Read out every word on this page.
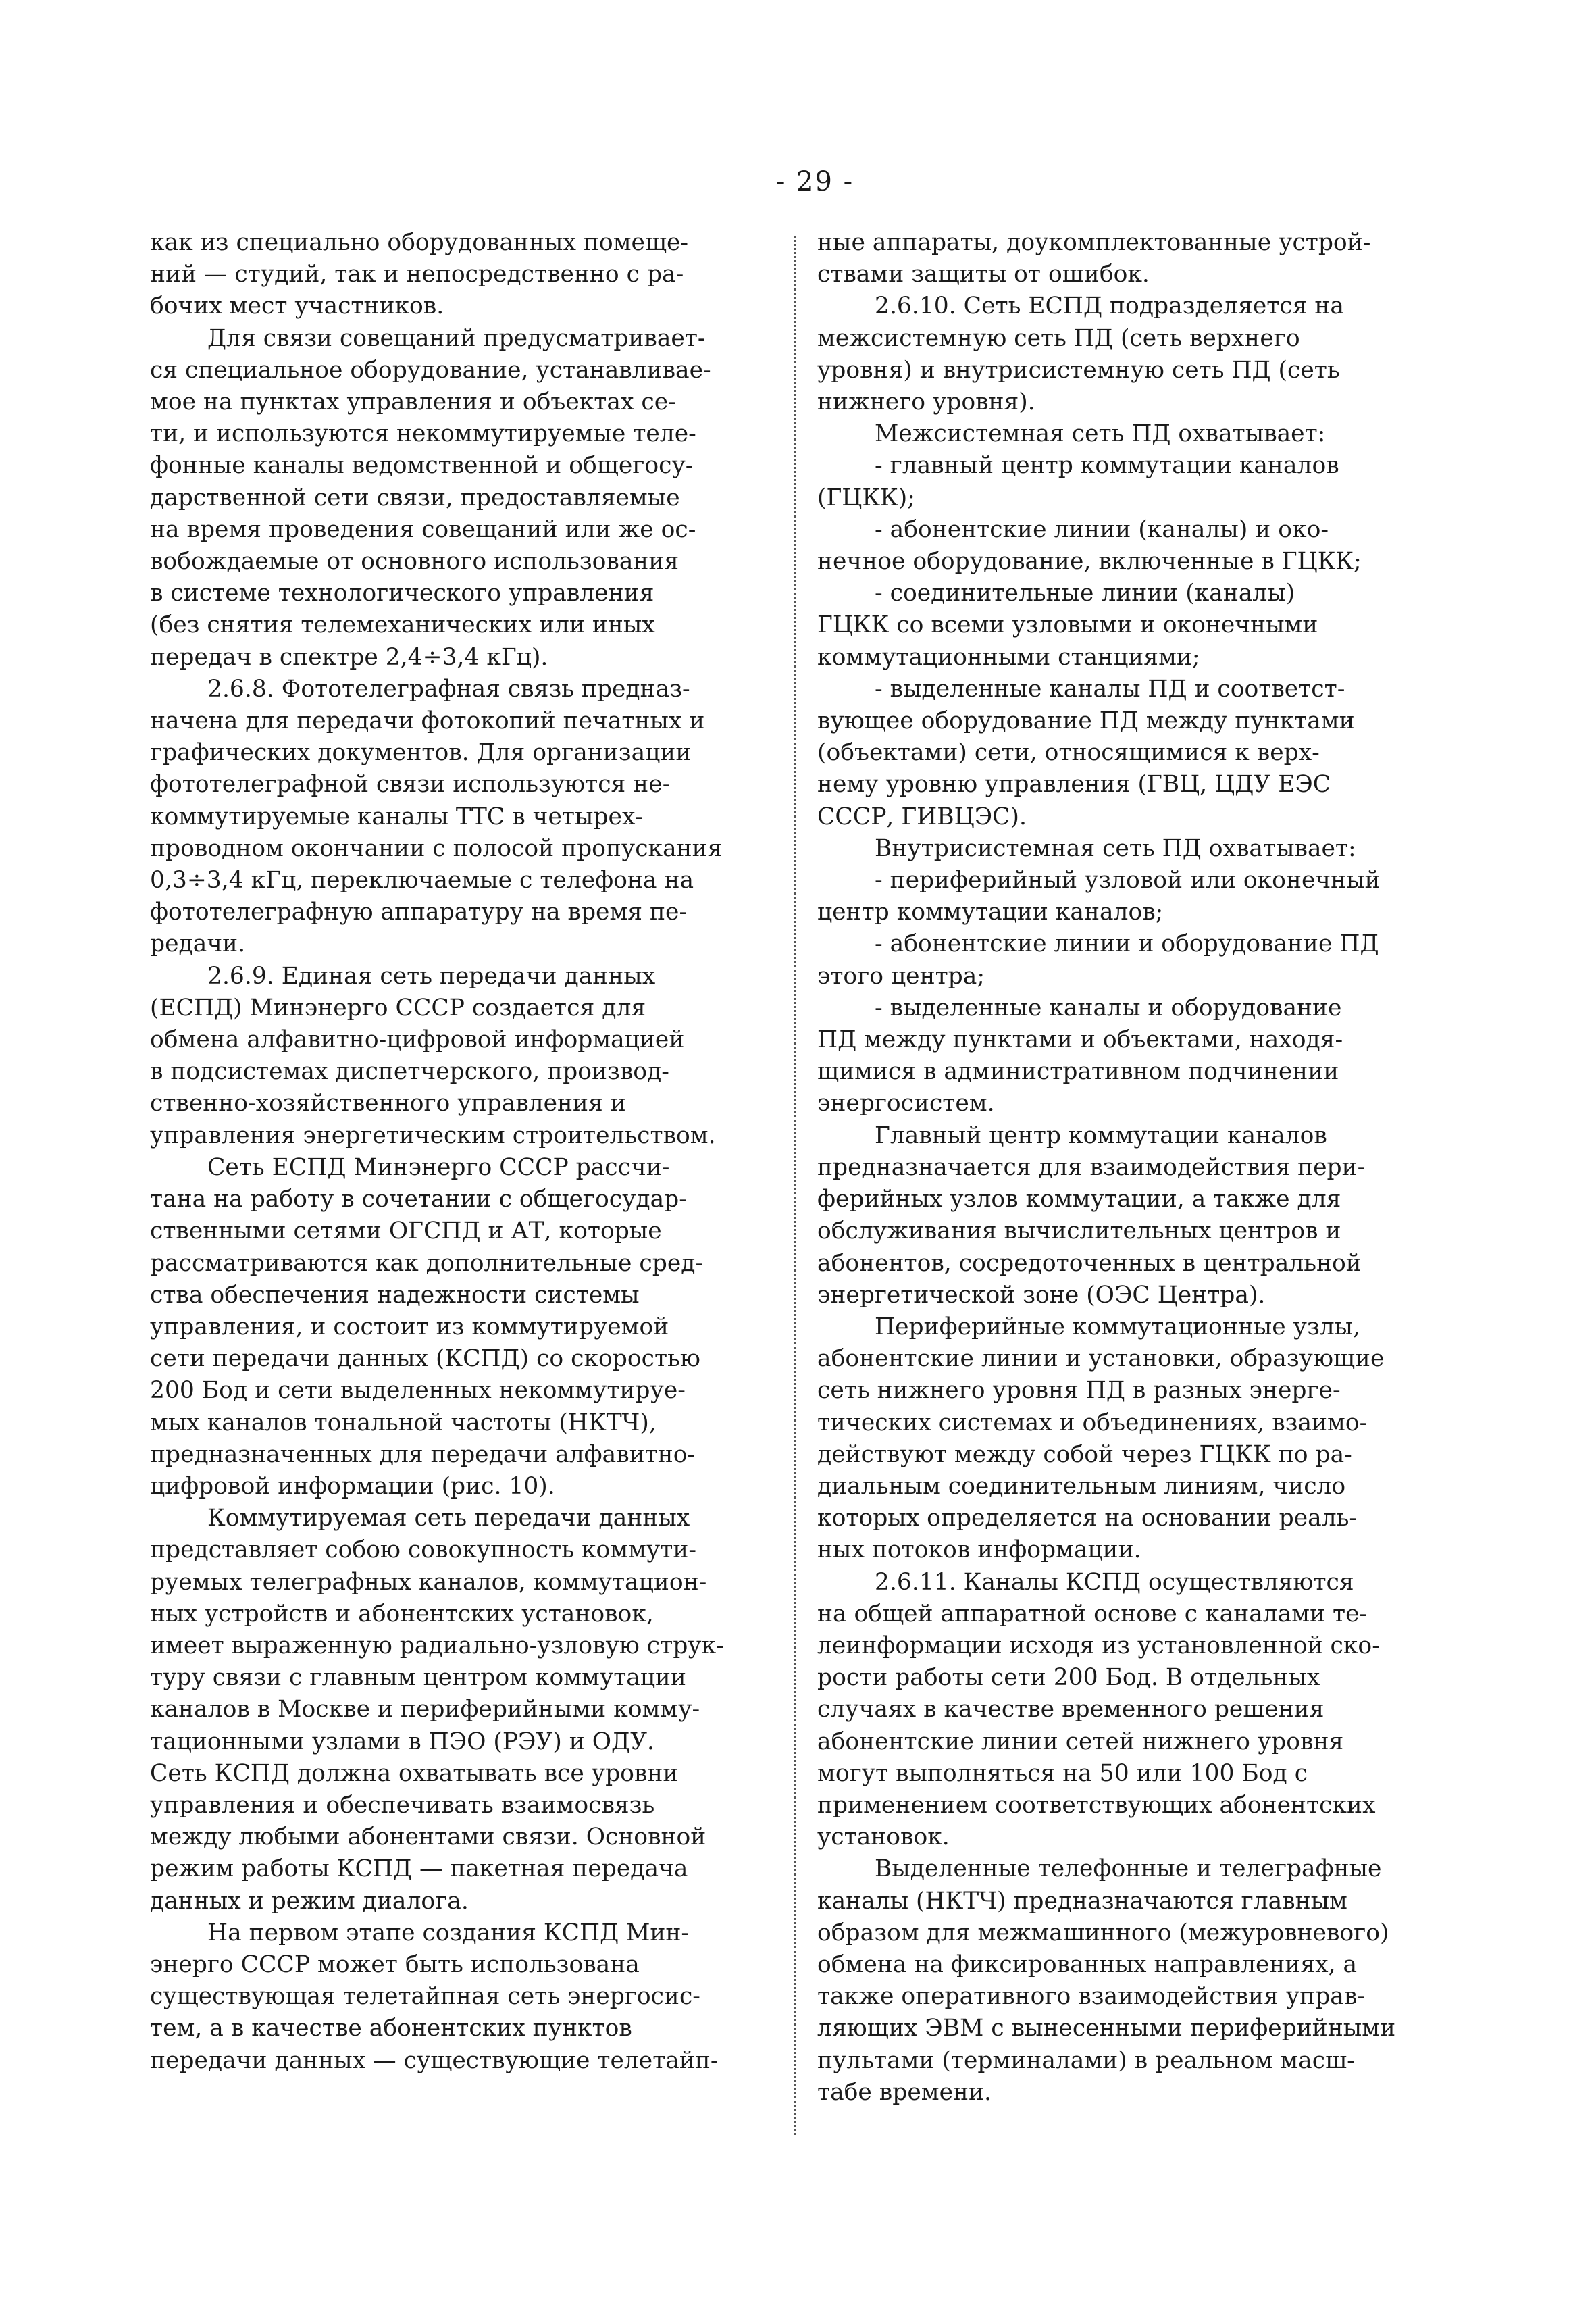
- 29 -
как из специально оборудованных помеще-
ний — студий, так и непосредственно с ра-
бочих мест участников.
Для связи совещаний предусматривает-
ся специальное оборудование, устанавливае-
мое на пунктах управления и объектах се-
ти, и используются некоммутируемые теле-
фонные каналы ведомственной и общегосу-
дарственной сети связи, предоставляемые
на время проведения совещаний или же ос-
вобождаемые от основного использования
в системе технологического управления
(без снятия телемеханических или иных
передач в спектре 2,4÷3,4 кГц).
2.6.8. Фототелеграфная связь предназ-
начена для передачи фотокопий печатных и
графических документов. Для организации
фототелеграфной связи используются не-
коммутируемые каналы ТТС в четырех-
проводном окончании с полосой пропускания
0,3÷3,4 кГц, переключаемые с телефона на
фототелеграфную аппаратуру на время пе-
редачи.
2.6.9. Единая сеть передачи данных
(ЕСПД) Минэнерго СССР создается для
обмена алфавитно-цифровой информацией
в подсистемах диспетчерского, производ-
ственно-хозяйственного управления и
управления энергетическим строительством.
Сеть ЕСПД Минэнерго СССР рассчи-
тана на работу в сочетании с общегосудар-
ственными сетями ОГСПД и АТ, которые
рассматриваются как дополнительные сред-
ства обеспечения надежности системы
управления, и состоит из коммутируемой
сети передачи данных (КСПД) со скоростью
200 Бод и сети выделенных некоммутируе-
мых каналов тональной частоты (НКТЧ),
предназначенных для передачи алфавитно-
цифровой информации (рис. 10).
Коммутируемая сеть передачи данных
представляет собою совокупность коммути-
руемых телеграфных каналов, коммутацион-
ных устройств и абонентских установок,
имеет выраженную радиально-узловую струк-
туру связи с главным центром коммутации
каналов в Москве и периферийными комму-
тационными узлами в ПЭО (РЭУ) и ОДУ.
Сеть КСПД должна охватывать все уровни
управления и обеспечивать взаимосвязь
между любыми абонентами связи. Основной
режим работы КСПД — пакетная передача
данных и режим диалога.
На первом этапе создания КСПД Мин-
энерго СССР может быть использована
существующая телетайпная сеть энергосис-
тем, а в качестве абонентских пунктов
передачи данных — существующие телетайп-
ные аппараты, доукомплектованные устрой-
ствами защиты от ошибок.
2.6.10. Сеть ЕСПД подразделяется на
межсистемную сеть ПД (сеть верхнего
уровня) и внутрисистемную сеть ПД (сеть
нижнего уровня).
Межсистемная сеть ПД охватывает:
- главный центр коммутации каналов
(ГЦКК);
- абонентские линии (каналы) и око-
нечное оборудование, включенные в ГЦКК;
- соединительные линии (каналы)
ГЦКК со всеми узловыми и оконечными
коммутационными станциями;
- выделенные каналы ПД и соответст-
вующее оборудование ПД между пунктами
(объектами) сети, относящимися к верх-
нему уровню управления (ГВЦ, ЦДУ ЕЭС
СССР, ГИВЦЭС).
Внутрисистемная сеть ПД охватывает:
- периферийный узловой или оконечный
центр коммутации каналов;
- абонентские линии и оборудование ПД
этого центра;
- выделенные каналы и оборудование
ПД между пунктами и объектами, находя-
щимися в административном подчинении
энергосистем.
Главный центр коммутации каналов
предназначается для взаимодействия пери-
ферийных узлов коммутации, а также для
обслуживания вычислительных центров и
абонентов, сосредоточенных в центральной
энергетической зоне (ОЭС Центра).
Периферийные коммутационные узлы,
абонентские линии и установки, образующие
сеть нижнего уровня ПД в разных энерге-
тических системах и объединениях, взаимо-
действуют между собой через ГЦКК по ра-
диальным соединительным линиям, число
которых определяется на основании реаль-
ных потоков информации.
2.6.11. Каналы КСПД осуществляются
на общей аппаратной основе с каналами те-
леинформации исходя из установленной ско-
рости работы сети 200 Бод. В отдельных
случаях в качестве временного решения
абонентские линии сетей нижнего уровня
могут выполняться на 50 или 100 Бод с
применением соответствующих абонентских
установок.
Выделенные телефонные и телеграфные
каналы (НКТЧ) предназначаются главным
образом для межмашинного (межуровневого)
обмена на фиксированных направлениях, а
также оперативного взаимодействия управ-
ляющих ЭВМ с вынесенными периферийными
пультами (терминалами) в реальном масш-
табе времени.
